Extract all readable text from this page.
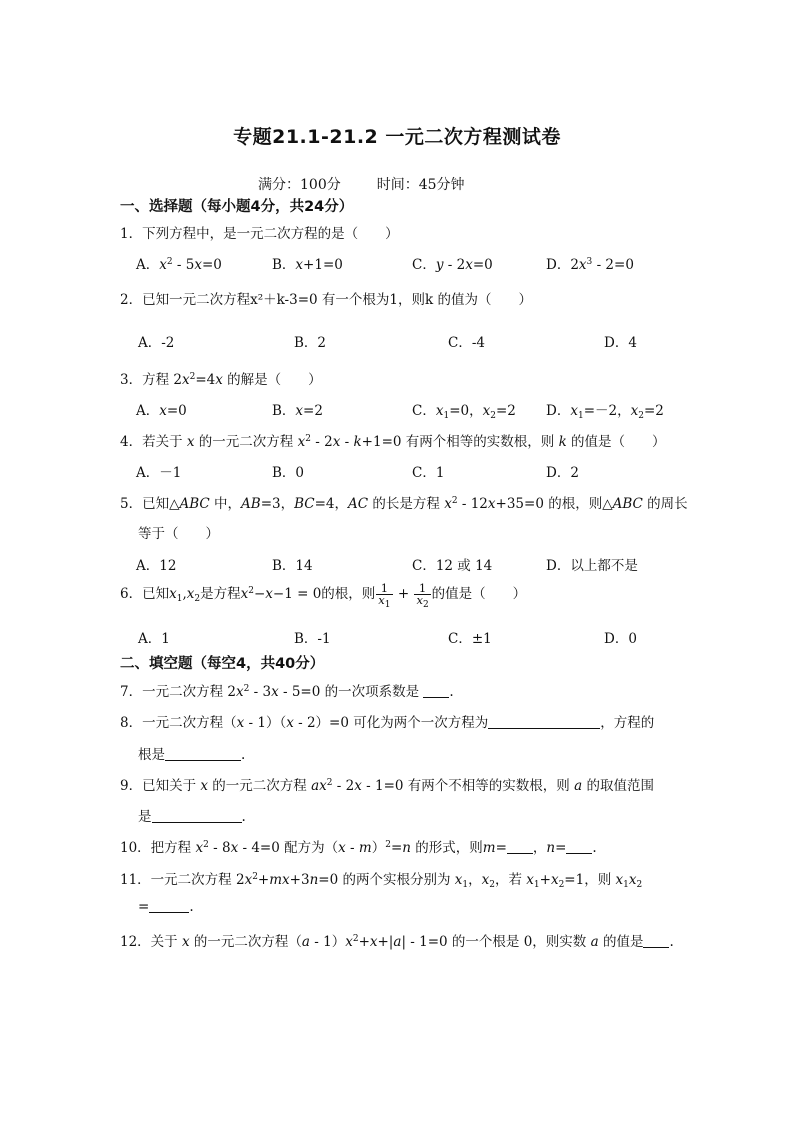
专题21.1-21.2 一元二次方程测试卷
满分：100分	时间：45分钟
一、选择题（每小题4分，共24分）
1．下列方程中，是一元二次方程的是（　　）
A．$x^2 - 5x=0$	B．x+1=0	C．y - 2x=0	D．$2x^3 - 2=0$
2．已知一元二次方程x²＋k-3=0 有一个根为1，则k 的值为（　　）
A．-2	B．2	C．-4	D．4
3．方程 $2x^2=4x$ 的解是（　　）
A．x=0	B．x=2	C．$x_1=0$，$x_2=2$ D．$x_1=-2$，$x_2=2$
4．若关于 x 的一元二次方程 $x^2 - 2x - k+1=0$ 有两个相等的实数根，则 k 的值是（　　）
A．－1	B．0	C．1	D．2
5．已知△ABC 中，AB=3，BC=4，AC 的长是方程 $x^2 - 12x+35=0$ 的根，则△ABC 的周长
等于（　　）
A．12	B．14	C．12 或 14	D．以上都不是
6．已知$x_1,x_2$是方程$x^2-x-1 = 0$的根，则 $\frac{1}{x_1} + \frac{1}{x_2}$ 的值是（　　）
A．1	B．-1	C．±1	D．0
二、填空题（每空4，共40分）
7．一元二次方程 $2x^2 - 3x - 5=0$ 的一次项系数是 .
8．一元二次方程（x - 1）（x - 2）=0 可化为两个一次方程为	，方程的
根是	.
9．已知关于 x 的一元二次方程 $ax^2 - 2x - 1=0$ 有两个不相等的实数根，则 a 的取值范围
是	.
10．把方程 $x^2 - 8x - 4=0$ 配方为（x - m）$^2$=n 的形式，则m= ，n= .
11．一元二次方程 $2x^2+mx+3n=0$ 的两个实根分别为 $x_1$，$x_2$，若 $x_1+x_2=1$，则 $x_1x_2$
=	.
12．关于 x 的一元二次方程$(a - 1)x^2+x+|a| - 1=0$ 的一个根是 0，则实数 a 的值是 .
